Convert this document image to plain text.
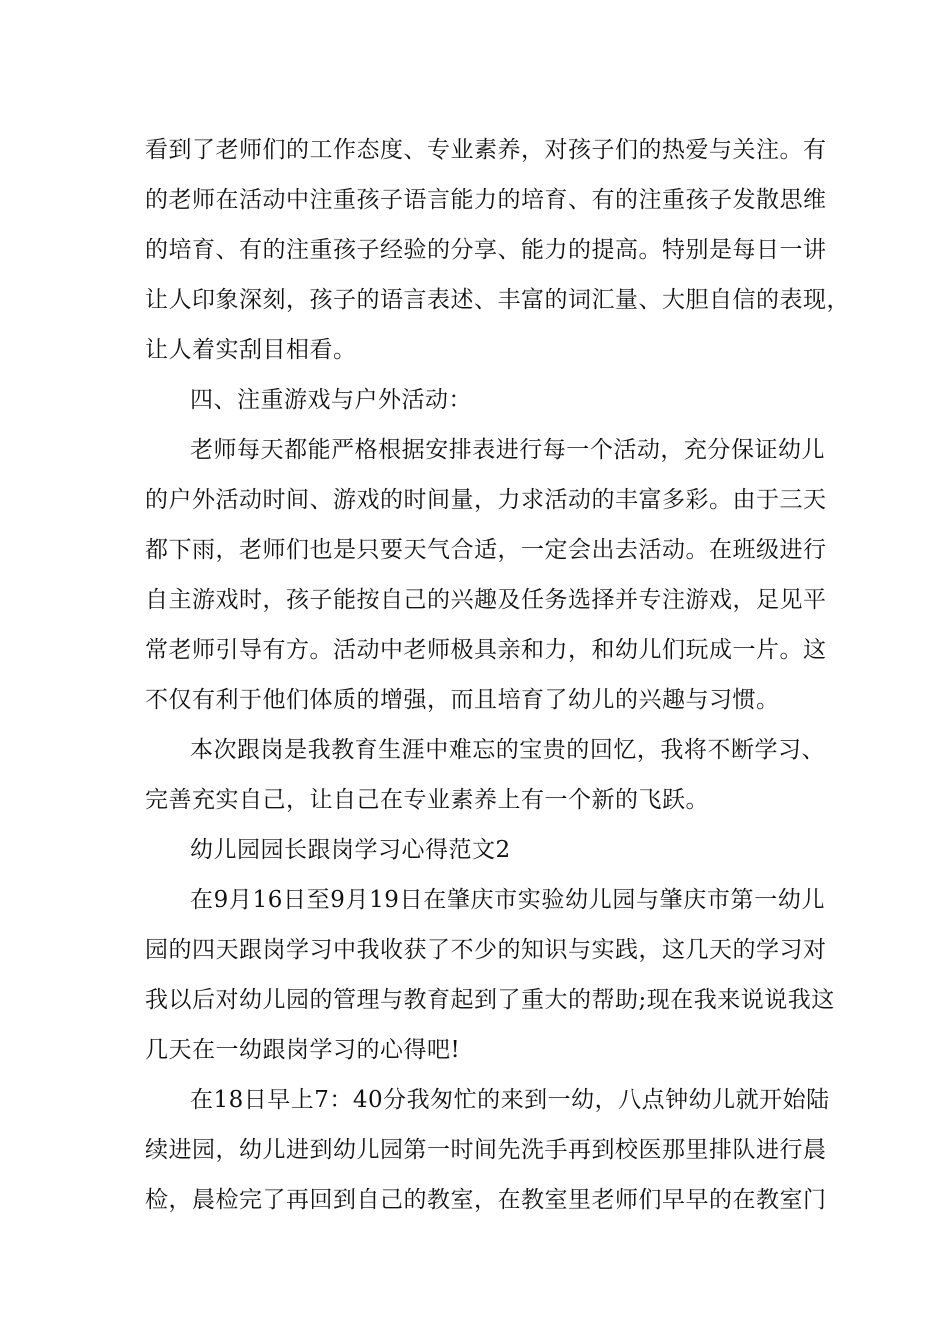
看到了老师们的工作态度、专业素养，对孩子们的热爱与关注。有
的老师在活动中注重孩子语言能力的培育、有的注重孩子发散思维
的培育、有的注重孩子经验的分享、能力的提高。特别是每日一讲
让人印象深刻，孩子的语言表述、丰富的词汇量、大胆自信的表现，
让人着实刮目相看。
四、注重游戏与户外活动：
老师每天都能严格根据安排表进行每一个活动，充分保证幼儿
的户外活动时间、游戏的时间量，力求活动的丰富多彩。由于三天
都下雨，老师们也是只要天气合适，一定会出去活动。在班级进行
自主游戏时，孩子能按自己的兴趣及任务选择并专注游戏，足见平
常老师引导有方。活动中老师极具亲和力，和幼儿们玩成一片。这
不仅有利于他们体质的增强，而且培育了幼儿的兴趣与习惯。
本次跟岗是我教育生涯中难忘的宝贵的回忆，我将不断学习、
完善充实自己，让自己在专业素养上有一个新的飞跃。
幼儿园园长跟岗学习心得范文2
在9月16日至9月19日在肇庆市实验幼儿园与肇庆市第一幼儿
园的四天跟岗学习中我收获了不少的知识与实践，这几天的学习对
我以后对幼儿园的管理与教育起到了重大的帮助;现在我来说说我这
几天在一幼跟岗学习的心得吧!
在18日早上7：40分我匆忙的来到一幼，八点钟幼儿就开始陆
续进园，幼儿进到幼儿园第一时间先洗手再到校医那里排队进行晨
检，晨检完了再回到自己的教室，在教室里老师们早早的在教室门
